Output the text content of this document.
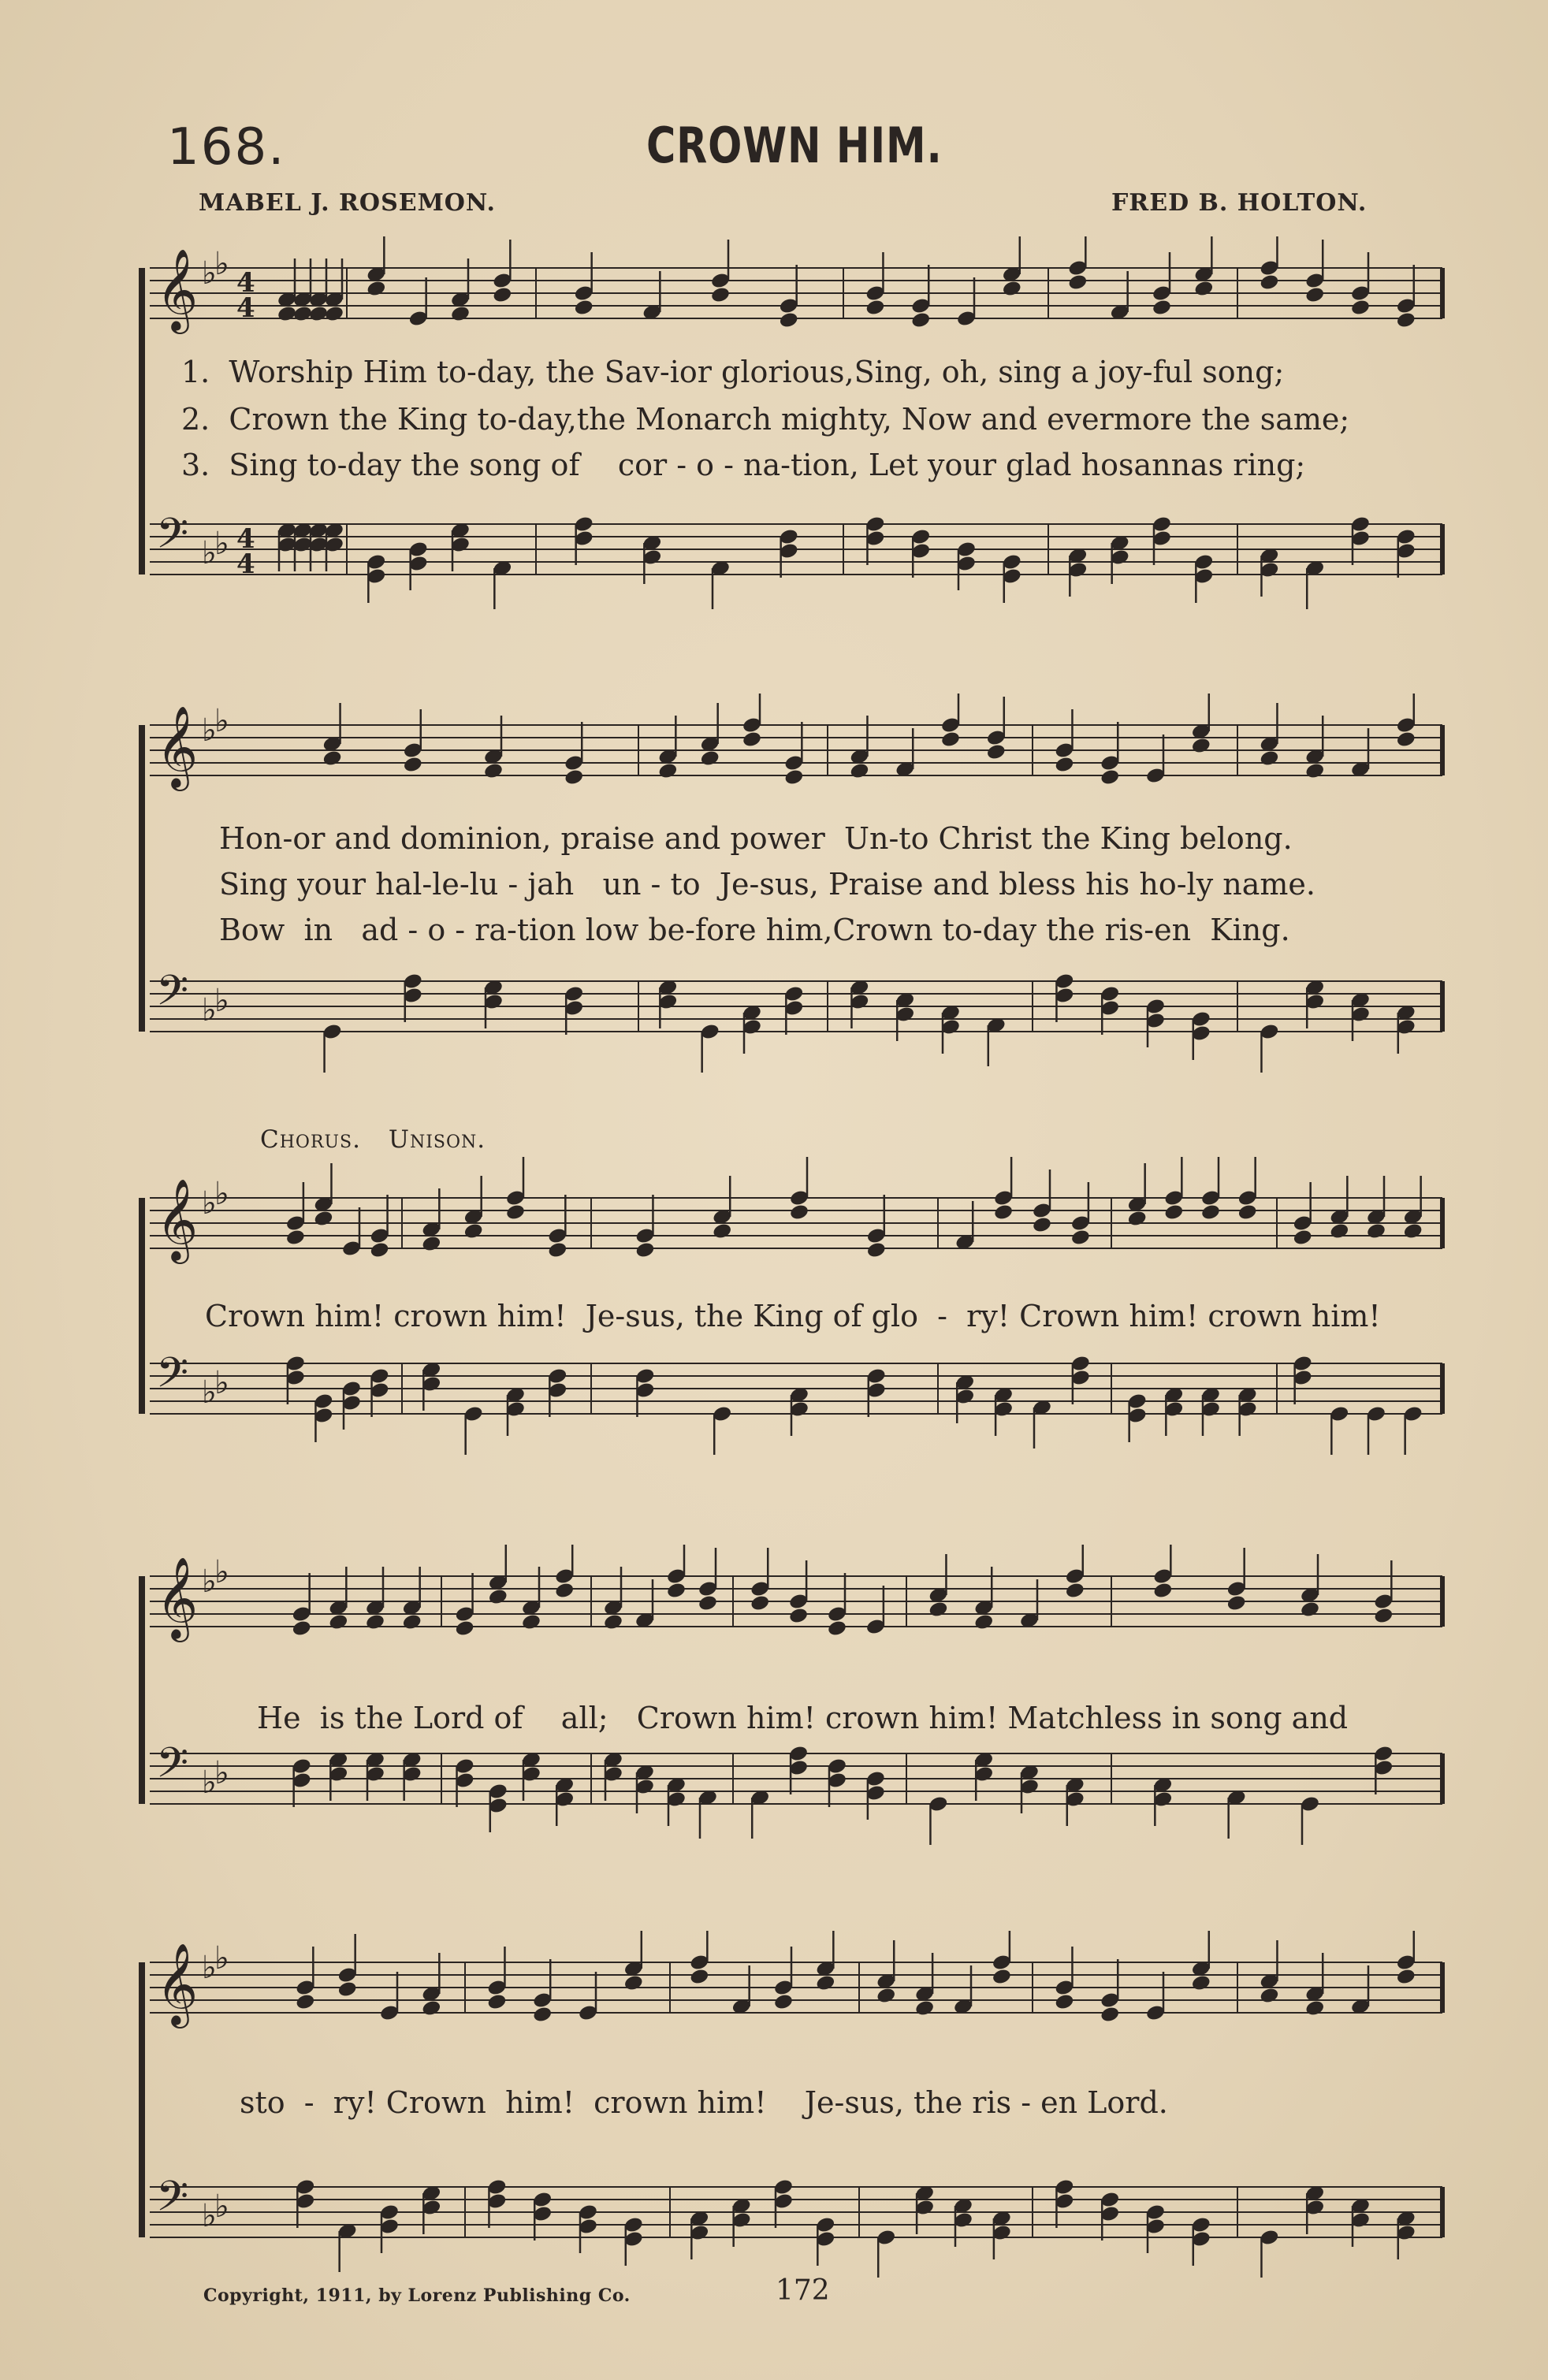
168.	CROWN HIM.
MABEL J. ROSEMON.	FRED B. HOLTON.
𝄞 ♭
♭
4
4
𝄢 ♭
♭ 4
4
1.  Worship Him to-day, the Sav-ior glorious,Sing, oh, sing a joy-ful song;
2.  Crown the King to-day,the Monarch mighty, Now and evermore the same;
3.  Sing to-day the song of    cor - o - na-tion, Let your glad hosannas ring;
𝄞 ♭
♭
𝄢 ♭
♭
Hon-or and dominion, praise and power  Un-to Christ the King belong.
Sing your hal-le-lu - jah   un - to  Je-sus, Praise and bless his ho-ly name.
Bow  in   ad - o - ra-tion low be-fore him,Crown to-day the ris-en  King.
Chorus. Unison.
𝄞 ♭
♭
𝄢 ♭
♭
Crown him! crown him!  Je-sus, the King of glo  -  ry! Crown him! crown him!
𝄞 ♭
♭
𝄢 ♭
♭
He  is the Lord of    all;   Crown him! crown him! Matchless in song and
𝄞 ♭
♭
𝄢 ♭
♭
sto  -  ry! Crown  him!  crown him!    Je-sus, the ris - en Lord.
Copyright, 1911, by Lorenz Publishing Co.	172
